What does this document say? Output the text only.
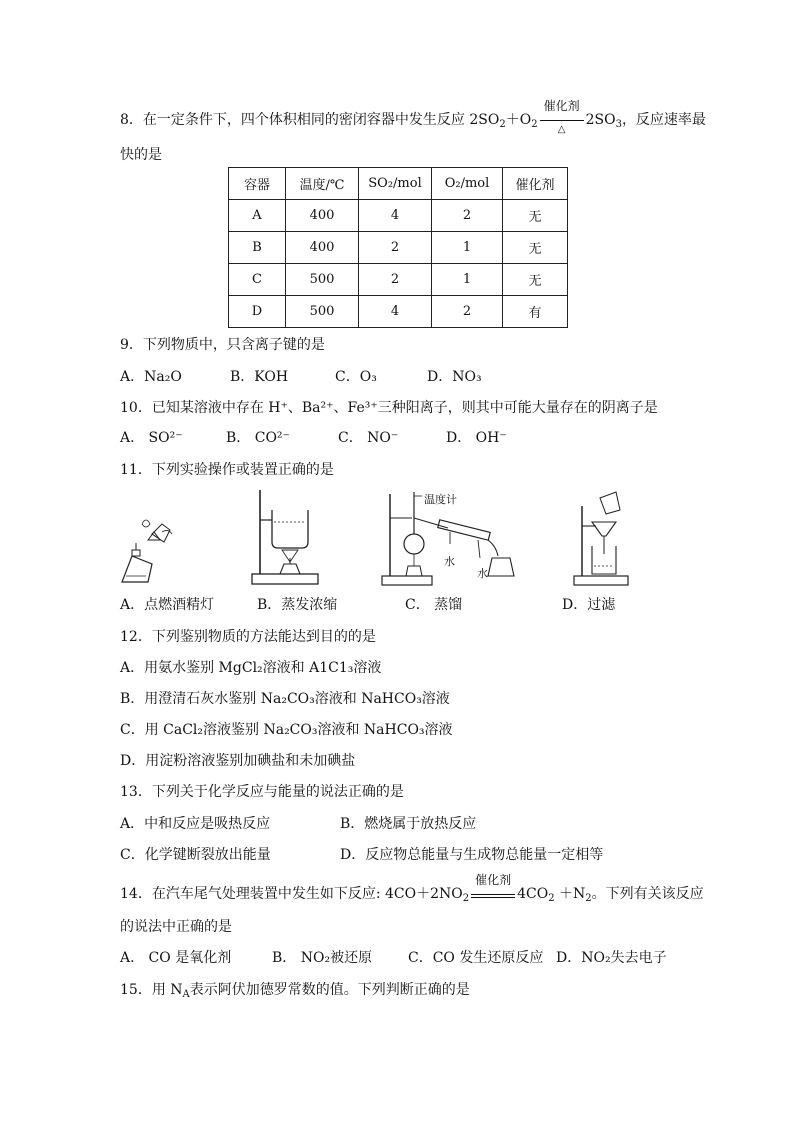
8．在一定条件下，四个体积相同的密闭容器中发生反应 $2SO_2+O_2$
催化剂
△
$2SO_3$，反应速率最
快的是
容器	温度/℃	SO₂/mol	O₂/mol	催化剂
A	400	4	2	无
B	400	2	1	无
C	500	2	1	无
D	500	4	2	有
9．下列物质中，只含离子键的是
A．Na₂O	B．KOH	C．O₃	D．NO₃
10．已知某溶液中存在 H⁺、Ba²⁺、Fe³⁺三种阳离子，则其中可能大量存在的阴离子是
A． SO²⁻	B． CO²⁻	C． NO⁻	D． OH⁻
11．下列实验操作或装置正确的是
温度计
水
水
A．点燃酒精灯	B．蒸发浓缩	C． 蒸馏	D．过滤
12．下列鉴别物质的方法能达到目的的是
A．用氨水鉴别 MgCl₂溶液和 A1C1₃溶液
B．用澄清石灰水鉴别 Na₂CO₃溶液和 NaHCO₃溶液
C．用 CaCl₂溶液鉴别 Na₂CO₃溶液和 NaHCO₃溶液
D．用淀粉溶液鉴别加碘盐和未加碘盐
13．下列关于化学反应与能量的说法正确的是
A．中和反应是吸热反应	B．燃烧属于放热反应
C．化学键断裂放出能量	D．反应物总能量与生成物总能量一定相等
14．在汽车尾气处理装置中发生如下反应: $4CO+2NO_2$
催化剂
$4CO_2 +N_2$。下列有关该反应
的说法中正确的是
A． CO 是氧化剂	B． NO₂被还原	C．CO 发生还原反应 D．NO₂失去电子
15．用 $N_A$表示阿伏加德罗常数的值。下列判断正确的是
